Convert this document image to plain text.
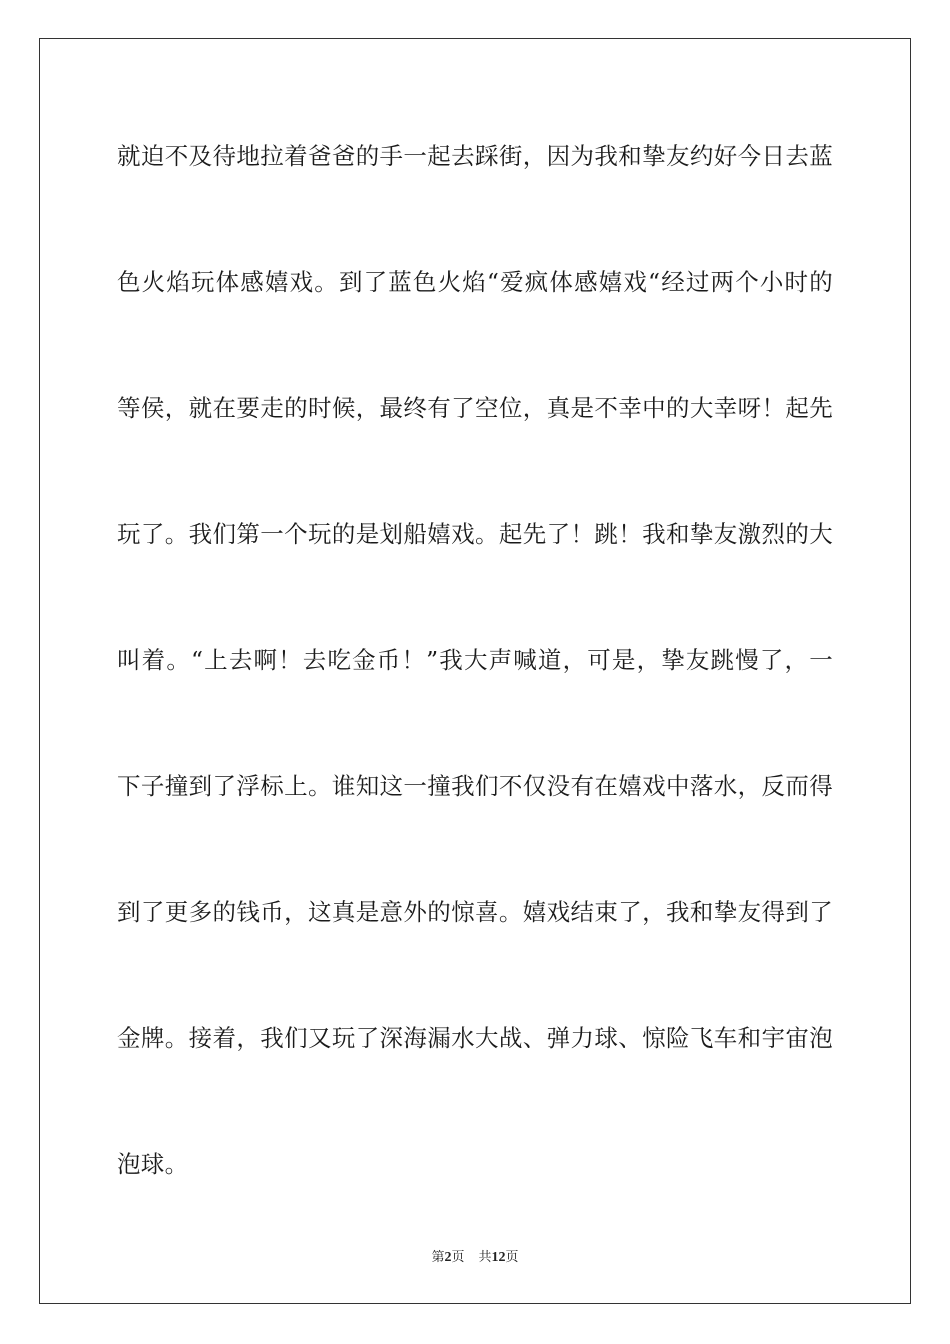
就迫不及待地拉着爸爸的手一起去踩街，因为我和挚友约好今日去蓝
色火焰玩体感嬉戏。到了蓝色火焰“爱疯体感嬉戏“经过两个小时的
等侯，就在要走的时候，最终有了空位，真是不幸中的大幸呀！起先
玩了。我们第一个玩的是划船嬉戏。起先了！跳！我和挚友激烈的大
叫着。“上去啊！去吃金币！”我大声喊道，可是，挚友跳慢了，一
下子撞到了浮标上。谁知这一撞我们不仅没有在嬉戏中落水，反而得
到了更多的钱币，这真是意外的惊喜。嬉戏结束了，我和挚友得到了
金牌。接着，我们又玩了深海漏水大战、弹力球、惊险飞车和宇宙泡
泡球。
第2页 共12页
